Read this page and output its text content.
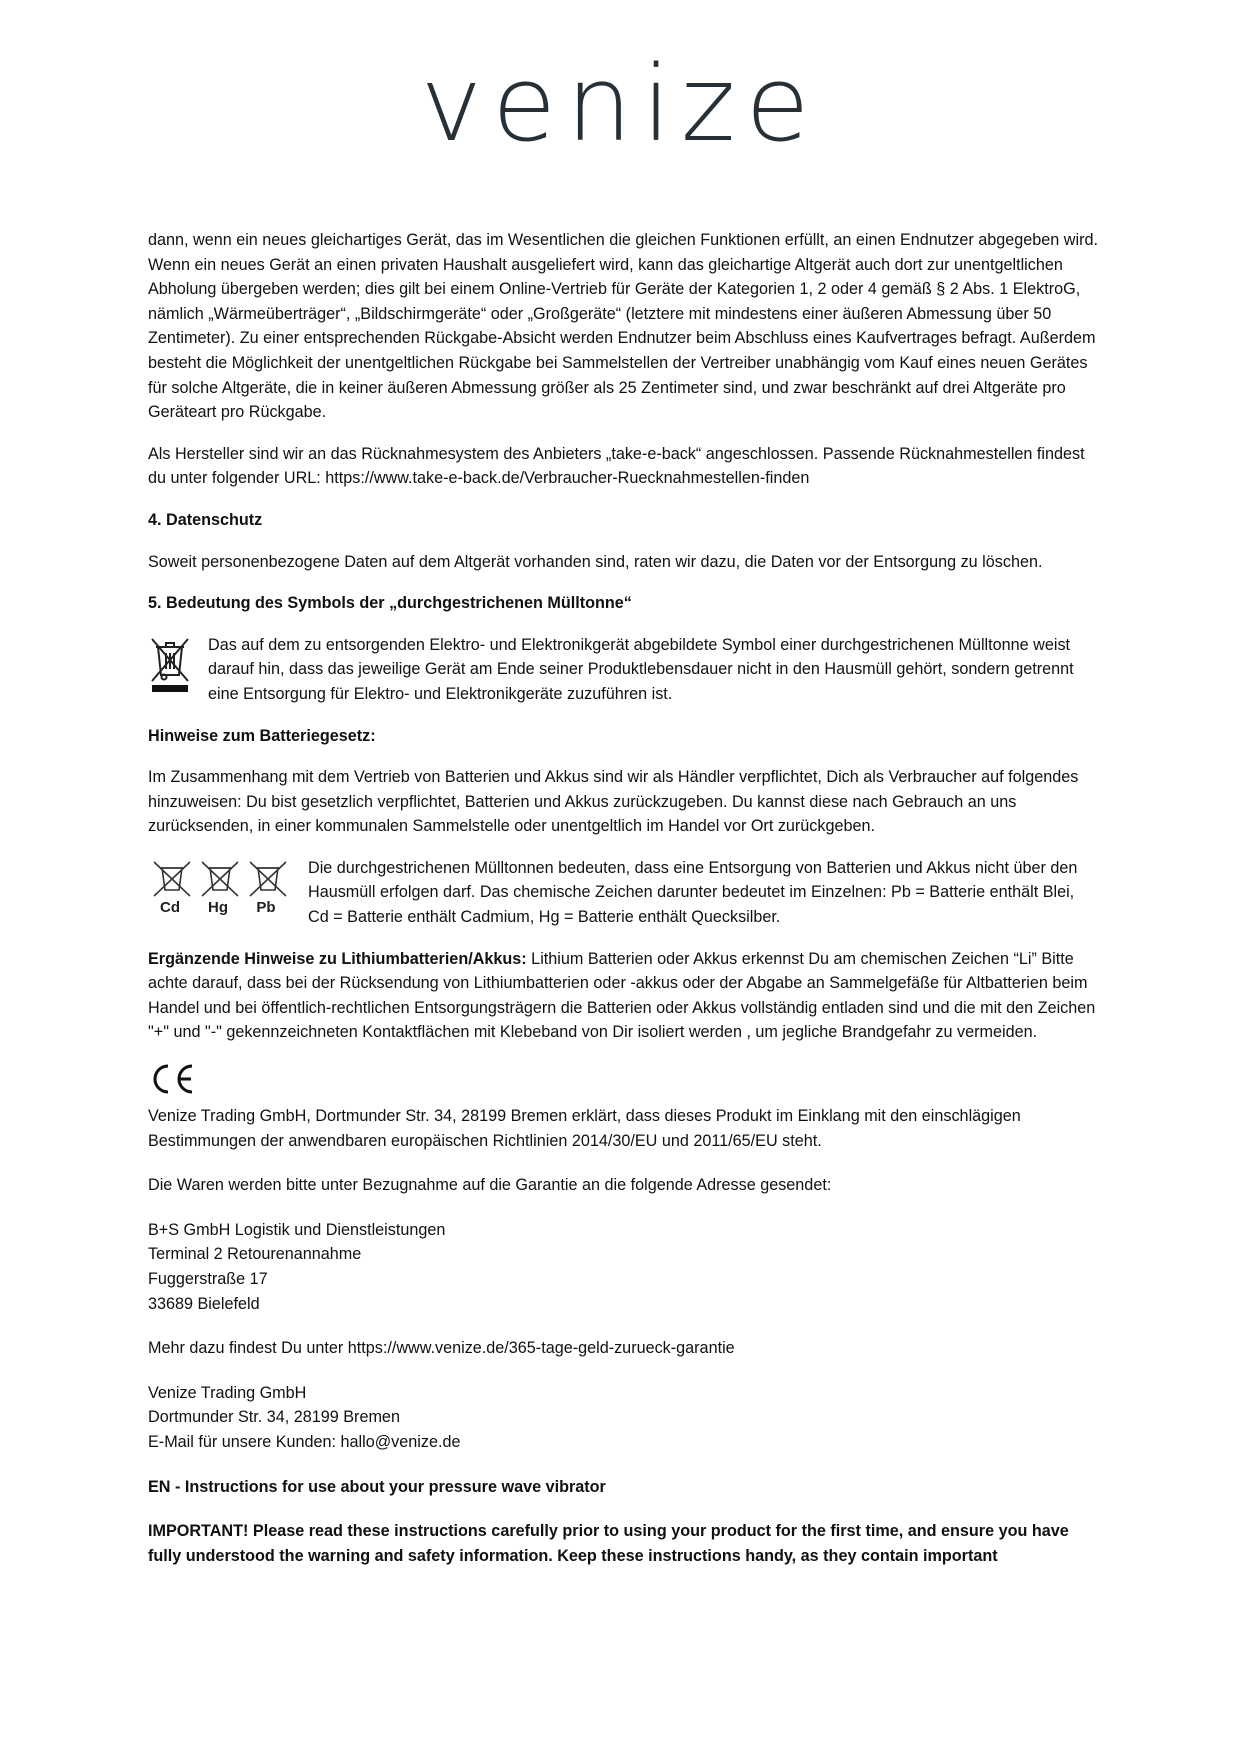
venize

dann, wenn ein neues gleichartiges Gerät, das im Wesentlichen die gleichen Funktionen erfüllt, an einen Endnutzer abgegeben wird. Wenn ein neues Gerät an einen privaten Haushalt ausgeliefert wird, kann das gleichartige Altgerät auch dort zur unentgeltlichen Abholung übergeben werden; dies gilt bei einem Online-Vertrieb für Geräte der Kategorien 1, 2 oder 4 gemäß § 2 Abs. 1 ElektroG, nämlich „Wärmeüberträger“, „Bildschirmgeräte“ oder „Großgeräte“ (letztere mit mindestens einer äußeren Abmessung über 50 Zentimeter). Zu einer entsprechenden Rückgabe-Absicht werden Endnutzer beim Abschluss eines Kaufvertrages befragt. Außerdem besteht die Möglichkeit der unentgeltlichen Rückgabe bei Sammelstellen der Vertreiber unabhängig vom Kauf eines neuen Gerätes für solche Altgeräte, die in keiner äußeren Abmessung größer als 25 Zentimeter sind, und zwar beschränkt auf drei Altgeräte pro Geräteart pro Rückgabe.

Als Hersteller sind wir an das Rücknahmesystem des Anbieters „take-e-back“ angeschlossen. Passende Rücknahmestellen findest du unter folgender URL: https://www.take-e-back.de/Verbraucher-Ruecknahmestellen-finden

4. Datenschutz

Soweit personenbezogene Daten auf dem Altgerät vorhanden sind, raten wir dazu, die Daten vor der Entsorgung zu löschen.

5. Bedeutung des Symbols der „durchgestrichenen Mülltonne“
Das auf dem zu entsorgenden Elektro- und Elektronikgerät abgebildete Symbol einer durchgestrichenen Mülltonne weist darauf hin, dass das jeweilige Gerät am Ende seiner Produktlebensdauer nicht in den Hausmüll gehört, sondern getrennt eine Entsorgung für Elektro- und Elektronikgeräte zuzuführen ist.
Hinweise zum Batteriegesetz:

Im Zusammenhang mit dem Vertrieb von Batterien und Akkus sind wir als Händler verpflichtet, Dich als Verbraucher auf folgendes hinzuweisen: Du bist gesetzlich verpflichtet, Batterien und Akkus zurückzugeben. Du kannst diese nach Gebrauch an uns zurücksenden, in einer kommunalen Sammelstelle oder unentgeltlich im Handel vor Ort zurückgeben.

Cd Hg Pb
Die durchgestrichenen Mülltonnen bedeuten, dass eine Entsorgung von Batterien und Akkus nicht über den Hausmüll erfolgen darf. Das chemische Zeichen darunter bedeutet im Einzelnen: Pb = Batterie enthält Blei, Cd = Batterie enthält Cadmium, Hg = Batterie enthält Quecksilber.

Ergänzende Hinweise zu Lithiumbatterien/Akkus: Lithium Batterien oder Akkus erkennst Du am chemischen Zeichen “Li” Bitte achte darauf, dass bei der Rücksendung von Lithiumbatterien oder -akkus oder der Abgabe an Sammelgefäße für Altbatterien beim Handel und bei öffentlich-rechtlichen Entsorgungsträgern die Batterien oder Akkus vollständig entladen sind und die mit den Zeichen "+" und "-" gekennzeichneten Kontaktflächen mit Klebeband von Dir isoliert werden , um jegliche Brandgefahr zu vermeiden.

CE

Venize Trading GmbH, Dortmunder Str. 34, 28199 Bremen erklärt, dass dieses Produkt im Einklang mit den einschlägigen Bestimmungen der anwendbaren europäischen Richtlinien 2014/30/EU und 2011/65/EU steht.

Die Waren werden bitte unter Bezugnahme auf die Garantie an die folgende Adresse gesendet:

B+S GmbH Logistik und Dienstleistungen
Terminal 2 Retourenannahme
Fuggerstraße 17
33689 Bielefeld

Mehr dazu findest Du unter https://www.venize.de/365-tage-geld-zurueck-garantie

Venize Trading GmbH
Dortmunder Str. 34, 28199 Bremen
E-Mail für unsere Kunden: hallo@venize.de

EN - Instructions for use about your pressure wave vibrator

IMPORTANT! Please read these instructions carefully prior to using your product for the first time, and ensure you have fully understood the warning and safety information. Keep these instructions handy, as they contain important
